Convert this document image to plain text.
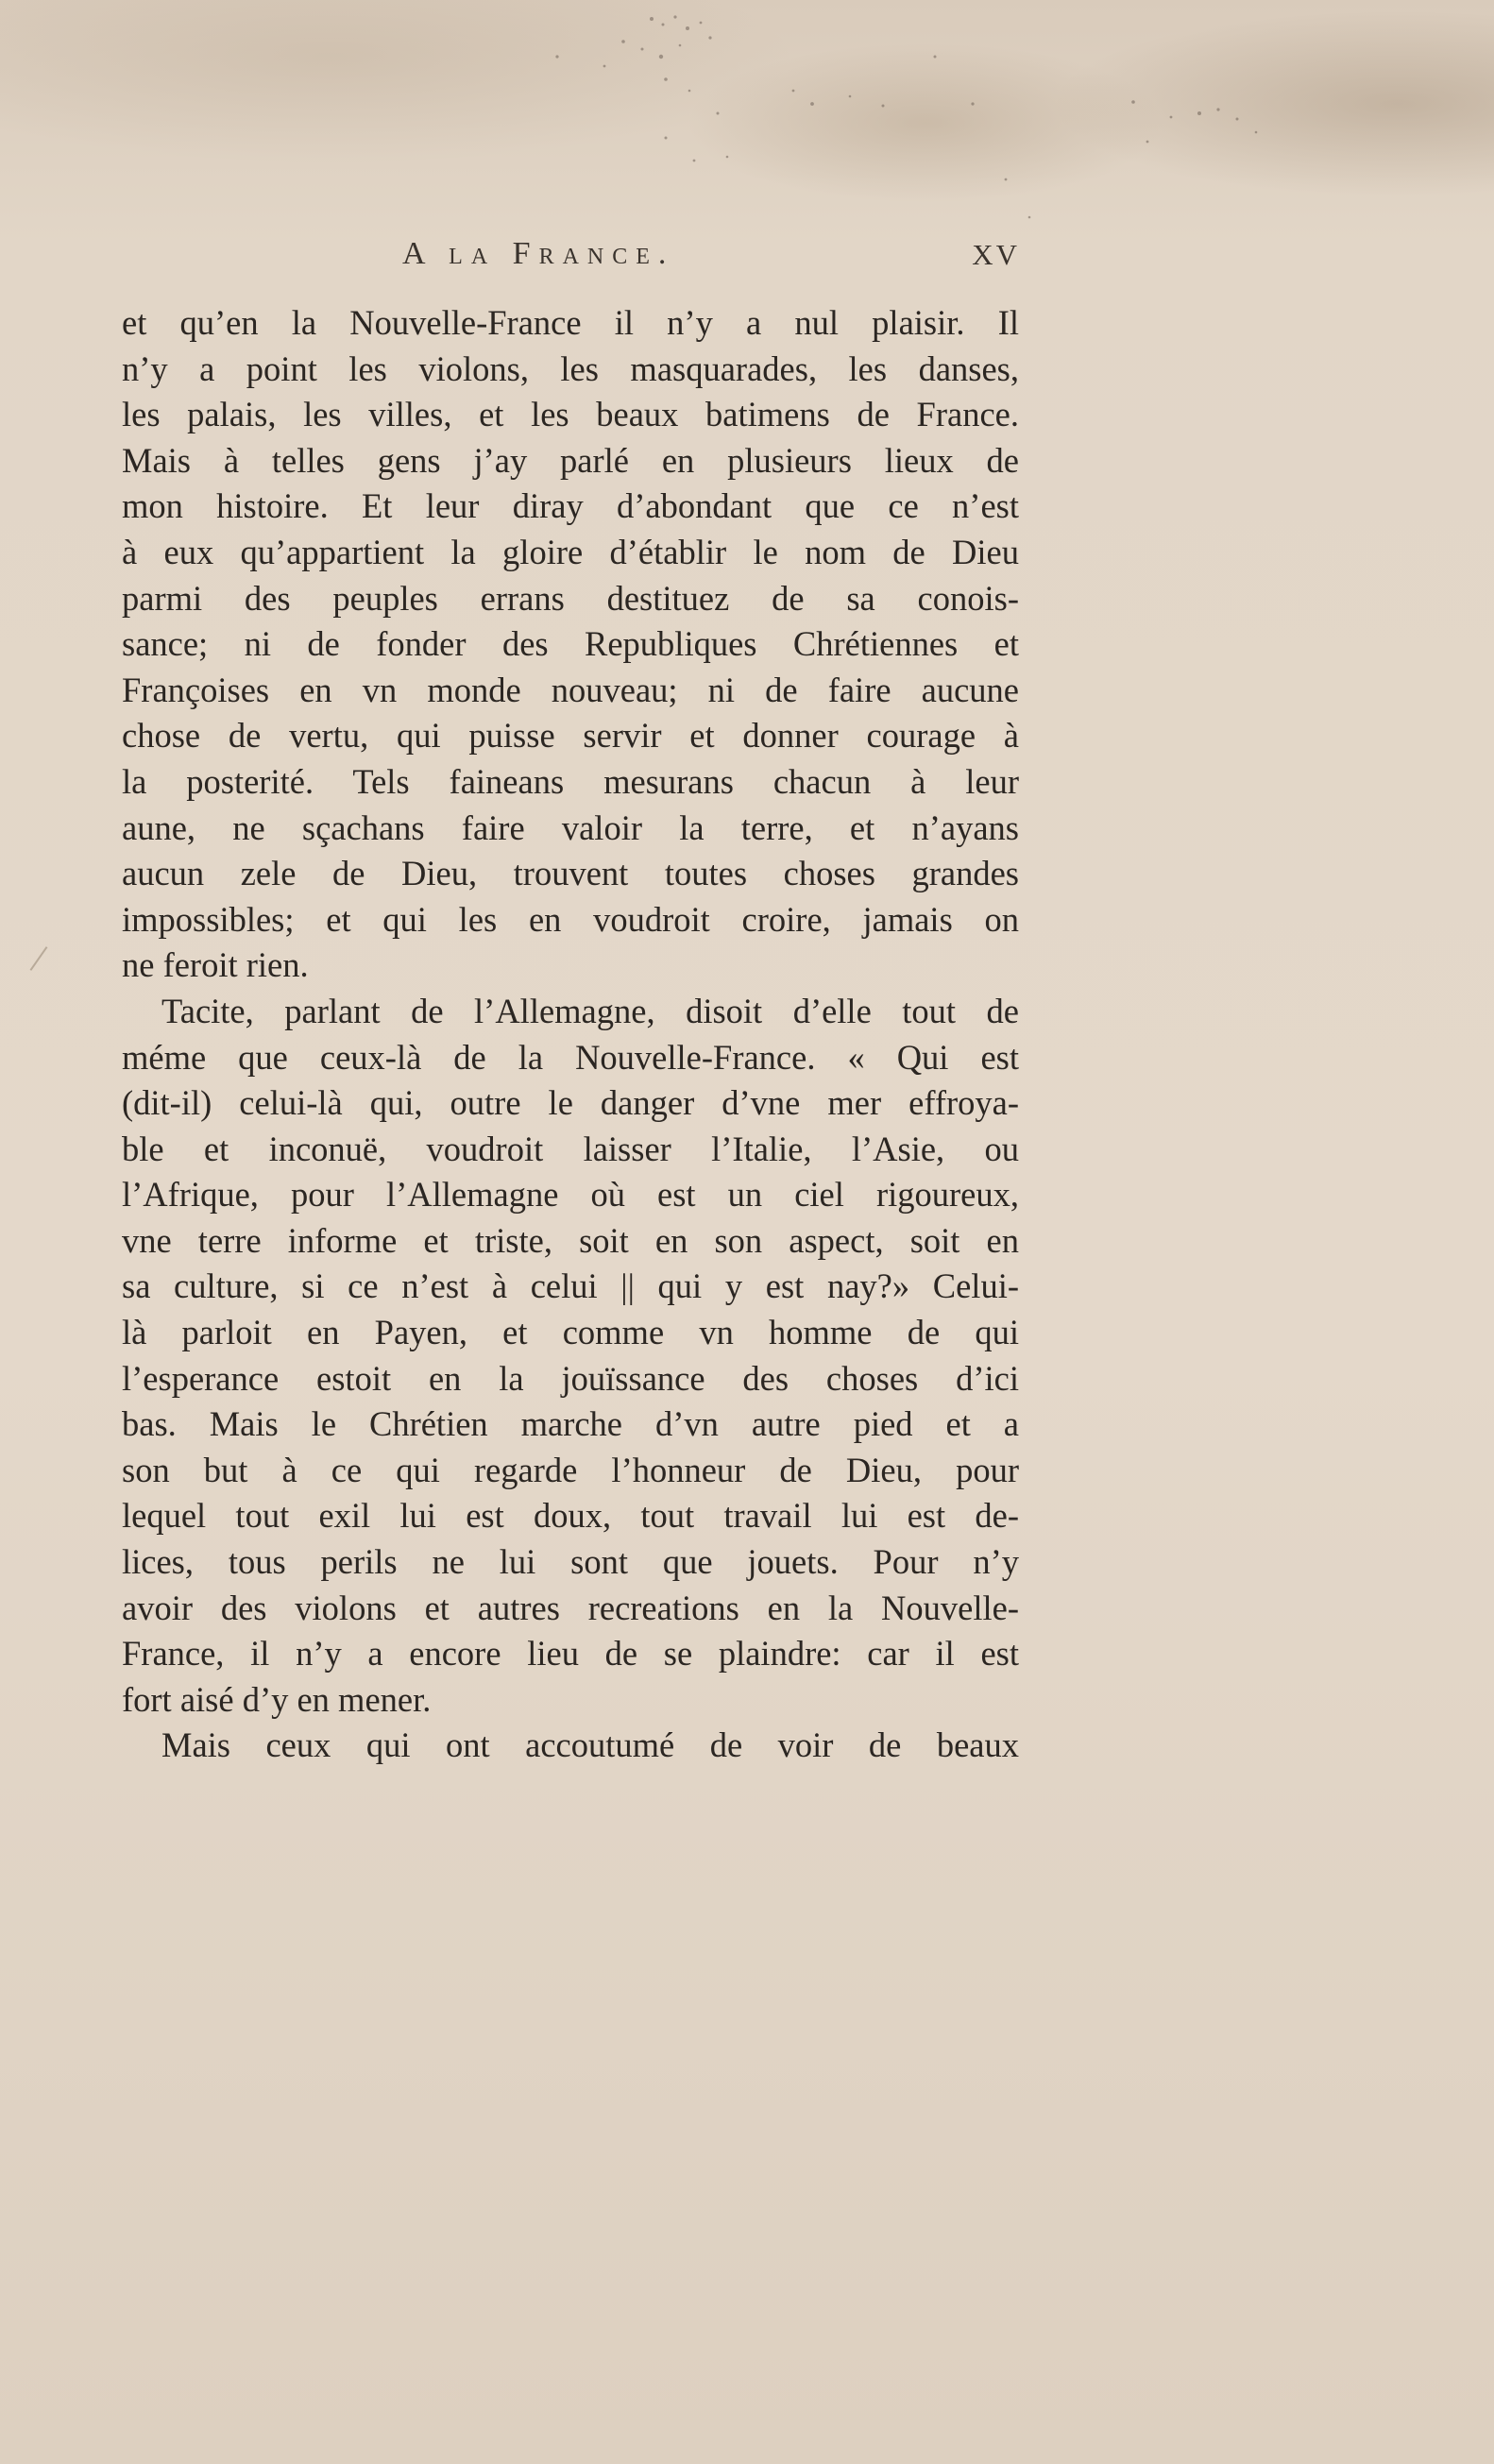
A la France.	XV
et qu’en la Nouvelle-France il n’y a nul plaisir. Il
n’y a point les violons, les masquarades, les danses,
les palais, les villes, et les beaux batimens de France.
Mais à telles gens j’ay parlé en plusieurs lieux de
mon histoire. Et leur diray d’abondant que ce n’est
à eux qu’appartient la gloire d’établir le nom de Dieu
parmi des peuples errans destituez de sa conois-
sance; ni de fonder des Republiques Chrétiennes et
Françoises en vn monde nouveau; ni de faire aucune
chose de vertu, qui puisse servir et donner courage à
la posterité. Tels faineans mesurans chacun à leur
aune, ne sçachans faire valoir la terre, et n’ayans
aucun zele de Dieu, trouvent toutes choses grandes
impossibles; et qui les en voudroit croire, jamais on
ne feroit rien.
Tacite, parlant de l’Allemagne, disoit d’elle tout de
méme que ceux-là de la Nouvelle-France. « Qui est
(dit-il) celui-là qui, outre le danger d’vne mer effroya-
ble et inconuë, voudroit laisser l’Italie, l’Asie, ou
l’Afrique, pour l’Allemagne où est un ciel rigoureux,
vne terre informe et triste, soit en son aspect, soit en
sa culture, si ce n’est à celui || qui y est nay?» Celui-
là parloit en Payen, et comme vn homme de qui
l’esperance estoit en la jouïssance des choses d’ici
bas. Mais le Chrétien marche d’vn autre pied et a
son but à ce qui regarde l’honneur de Dieu, pour
lequel tout exil lui est doux, tout travail lui est de-
lices, tous perils ne lui sont que jouets. Pour n’y
avoir des violons et autres recreations en la Nouvelle-
France, il n’y a encore lieu de se plaindre: car il est
fort aisé d’y en mener.
Mais ceux qui ont accoutumé de voir de beaux
